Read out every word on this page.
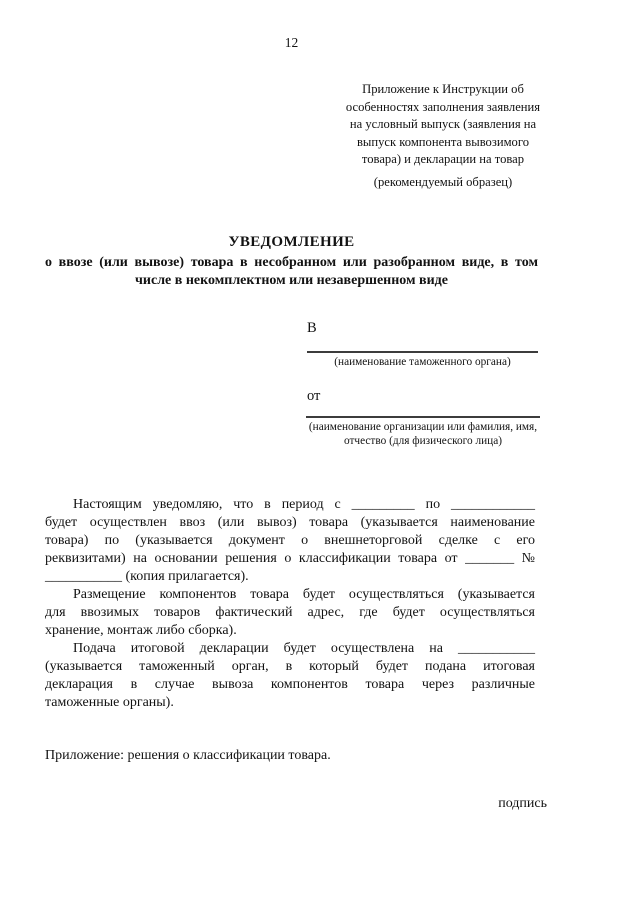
12
Приложение к Инструкции об
особенностях заполнения заявления
на условный выпуск (заявления на
выпуск компонента вывозимого
товара) и декларации на товар
(рекомендуемый образец)
УВЕДОМЛЕНИЕ
о ввозе (или вывозе) товара в несобранном или разобранном виде, в том
числе в некомплектном или незавершенном виде
В
(наименование таможенного органа)
от
(наименование организации или фамилия, имя,
отчество (для физического лица)
Настоящим уведомляю, что в период с _________ по ____________
будет осуществлен ввоз (или вывоз) товара (указывается наименование
товара) по (указывается документ о внешнеторговой сделке с его
реквизитами) на основании решения о классификации товара от _______ №
___________ (копия прилагается).
Размещение компонентов товара будет осуществляться (указывается
для ввозимых товаров фактический адрес, где будет осуществляться
хранение, монтаж либо сборка).
Подача итоговой декларации будет осуществлена на ___________
(указывается таможенный орган, в который будет подана итоговая
декларация в случае вывоза компонентов товара через различные
таможенные органы).
Приложение: решения о классификации товара.
подпись
